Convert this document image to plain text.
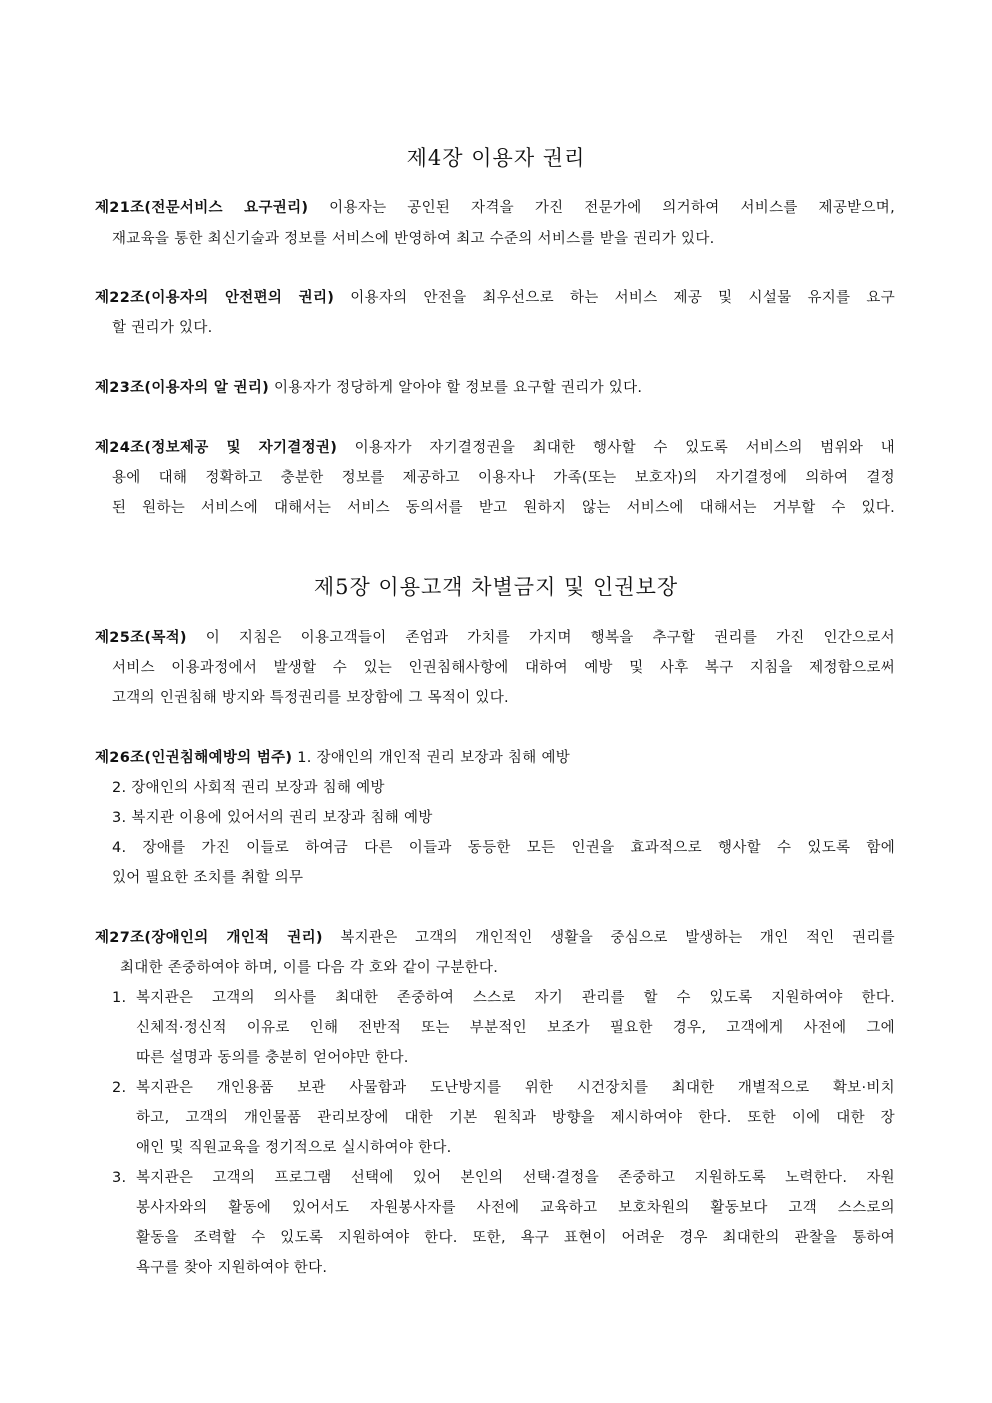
제4장 이용자 권리
제21조(전문서비스 요구권리) 이용자는 공인된 자격을 가진 전문가에 의거하여 서비스를 제공받으며,
재교육을 통한 최신기술과 정보를 서비스에 반영하여 최고 수준의 서비스를 받을 권리가 있다.
제22조(이용자의 안전편의 권리) 이용자의 안전을 최우선으로 하는 서비스 제공 및 시설물 유지를 요구
할 권리가 있다.
제23조(이용자의 알 권리) 이용자가 정당하게 알아야 할 정보를 요구할 권리가 있다.
제24조(정보제공 및 자기결정권) 이용자가 자기결정권을 최대한 행사할 수 있도록 서비스의 범위와 내
용에 대해 정확하고 충분한 정보를 제공하고 이용자나 가족(또는 보호자)의 자기결정에 의하여 결정
된 원하는 서비스에 대해서는 서비스 동의서를 받고 원하지 않는 서비스에 대해서는 거부할 수 있다.
제5장 이용고객 차별금지 및 인권보장
제25조(목적) 이 지침은 이용고객들이 존엄과 가치를 가지며 행복을 추구할 권리를 가진 인간으로서
서비스 이용과정에서 발생할 수 있는 인권침해사항에 대하여 예방 및 사후 복구 지침을 제정함으로써
고객의 인권침해 방지와 특정권리를 보장함에 그 목적이 있다.
제26조(인권침해예방의 범주) 1. 장애인의 개인적 권리 보장과 침해 예방
2. 장애인의 사회적 권리 보장과 침해 예방
3. 복지관 이용에 있어서의 권리 보장과 침해 예방
4. 장애를 가진 이들로 하여금 다른 이들과 동등한 모든 인권을 효과적으로 행사할 수 있도록 함에
있어 필요한 조치를 취할 의무
제27조(장애인의 개인적 권리) 복지관은 고객의 개인적인 생활을 중심으로 발생하는 개인 적인 권리를
최대한 존중하여야 하며, 이를 다음 각 호와 같이 구분한다.
1. 복지관은 고객의 의사를 최대한 존중하여 스스로 자기 관리를 할 수 있도록 지원하여야 한다.
신체적·정신적 이유로 인해 전반적 또는 부분적인 보조가 필요한 경우, 고객에게 사전에 그에
따른 설명과 동의를 충분히 얻어야만 한다.
2. 복지관은 개인용품 보관 사물함과 도난방지를 위한 시건장치를 최대한 개별적으로 확보·비치
하고, 고객의 개인물품 관리보장에 대한 기본 원칙과 방향을 제시하여야 한다. 또한 이에 대한 장
애인 및 직원교육을 정기적으로 실시하여야 한다.
3. 복지관은 고객의 프로그램 선택에 있어 본인의 선택·결정을 존중하고 지원하도록 노력한다. 자원
봉사자와의 활동에 있어서도 자원봉사자를 사전에 교육하고 보호차원의 활동보다 고객 스스로의
활동을 조력할 수 있도록 지원하여야 한다. 또한, 욕구 표현이 어려운 경우 최대한의 관찰을 통하여
욕구를 찾아 지원하여야 한다.
